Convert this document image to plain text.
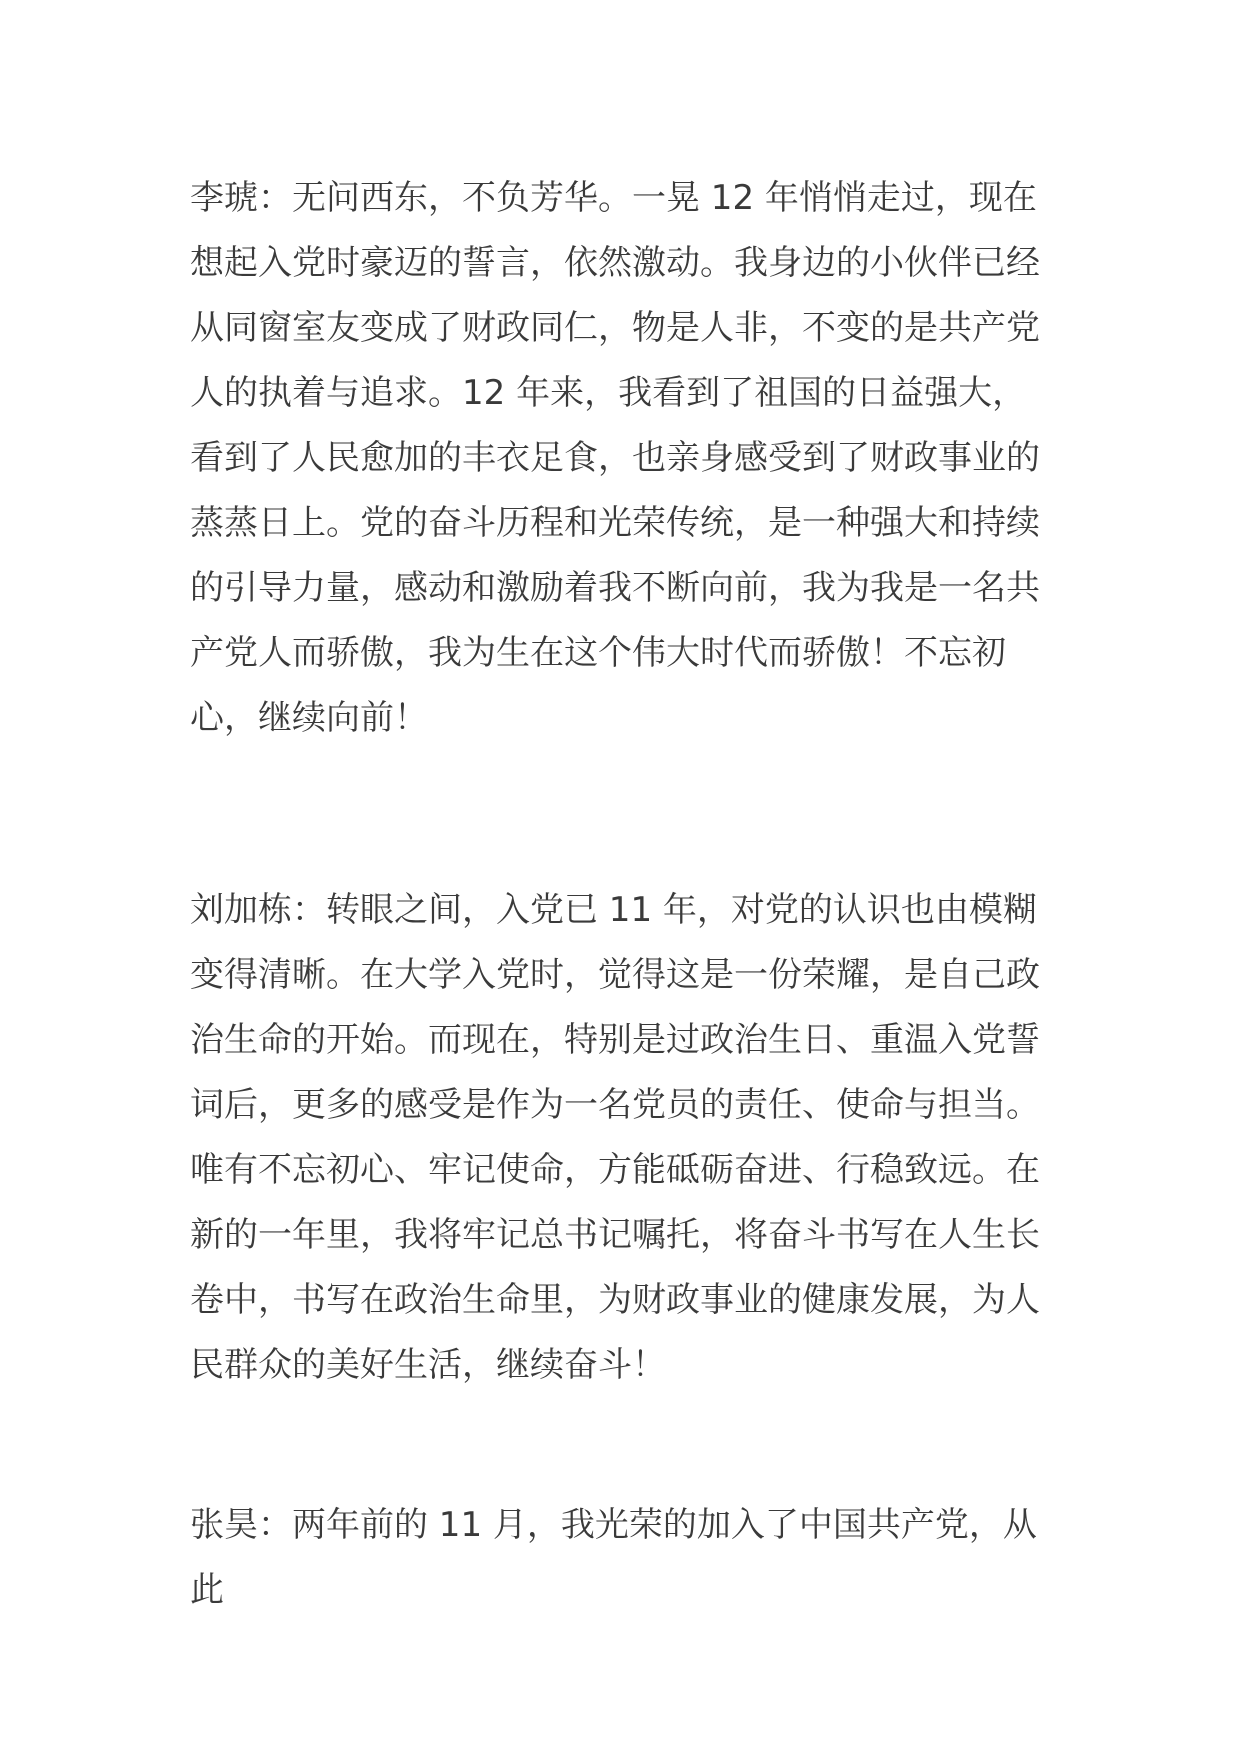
李琥：无问西东，不负芳华。一晃 12 年悄悄走过，现在想起入党时豪迈的誓言，依然激动。我身边的小伙伴已经从同窗室友变成了财政同仁，物是人非，不变的是共产党人的执着与追求。12 年来，我看到了祖国的日益强大，看到了人民愈加的丰衣足食，也亲身感受到了财政事业的蒸蒸日上。党的奋斗历程和光荣传统，是一种强大和持续的引导力量，感动和激励着我不断向前，我为我是一名共产党人而骄傲，我为生在这个伟大时代而骄傲！不忘初心，继续向前！

刘加栋：转眼之间，入党已 11 年，对党的认识也由模糊变得清晰。在大学入党时，觉得这是一份荣耀，是自己政治生命的开始。而现在，特别是过政治生日、重温入党誓词后，更多的感受是作为一名党员的责任、使命与担当。唯有不忘初心、牢记使命，方能砥砺奋进、行稳致远。在新的一年里，我将牢记总书记嘱托，将奋斗书写在人生长卷中，书写在政治生命里，为财政事业的健康发展，为人民群众的美好生活，继续奋斗！

张昊：两年前的 11 月，我光荣的加入了中国共产党，从此
